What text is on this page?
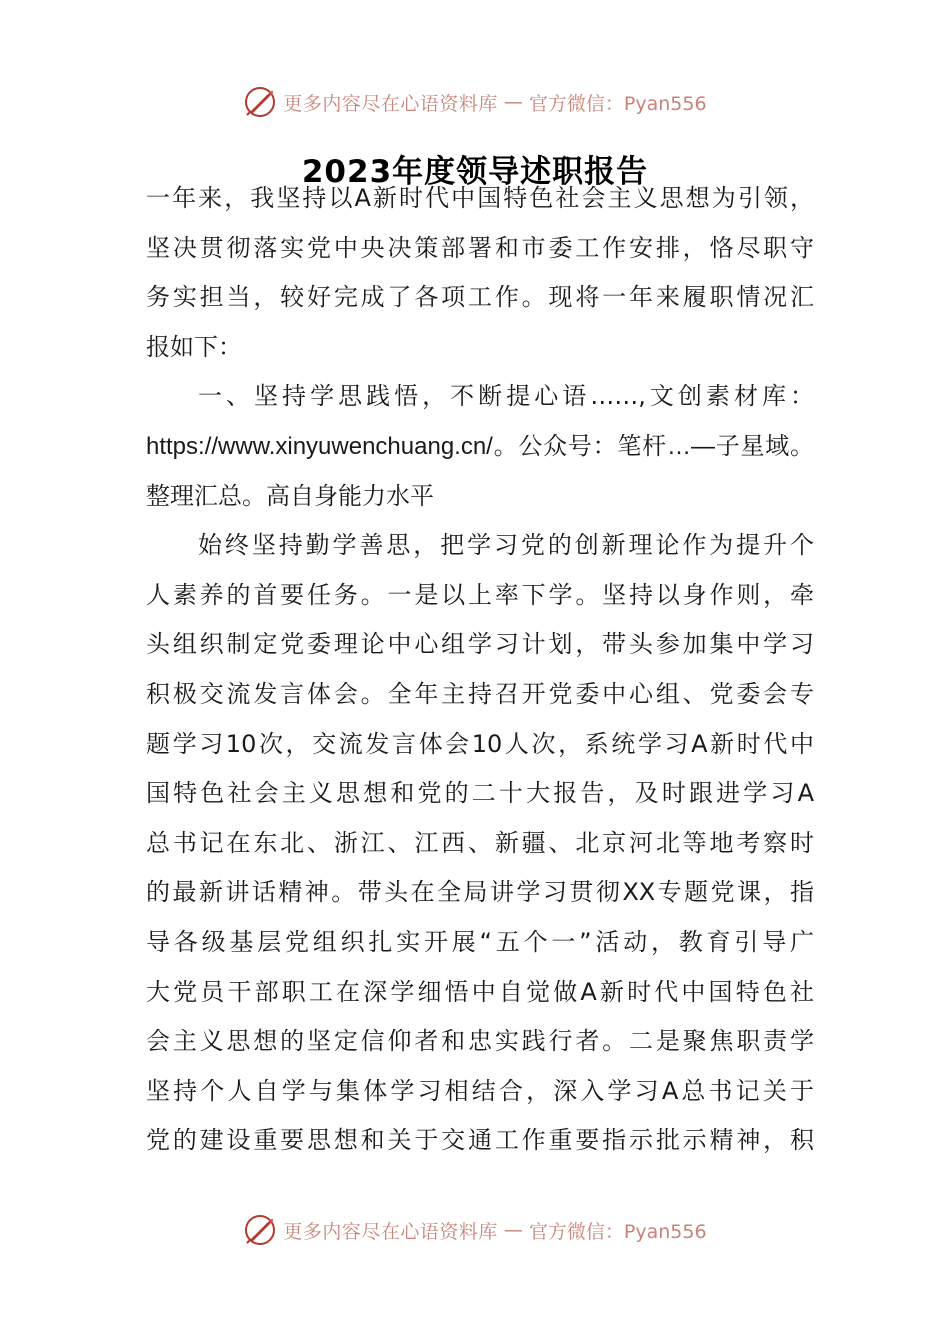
更多内容尽在心语资料库 — 官方微信：Pyan556
2023年度领导述职报告
一年来，我坚持以A新时代中国特色社会主义思想为引领，
坚决贯彻落实党中央决策部署和市委工作安排，恪尽职守
务实担当，较好完成了各项工作。现将一年来履职情况汇
报如下：
一、坚持学思践悟，不断提心语……,文创素材库：
https://www.xinyuwenchuang.cn/。公众号：笔杆…—子星域。
整理汇总。高自身能力水平
始终坚持勤学善思，把学习党的创新理论作为提升个
人素养的首要任务。一是以上率下学。坚持以身作则，牵
头组织制定党委理论中心组学习计划，带头参加集中学习
积极交流发言体会。全年主持召开党委中心组、党委会专
题学习10次，交流发言体会10人次，系统学习A新时代中
国特色社会主义思想和党的二十大报告，及时跟进学习A
总书记在东北、浙江、江西、新疆、北京河北等地考察时
的最新讲话精神。带头在全局讲学习贯彻XX专题党课，指
导各级基层党组织扎实开展“五个一”活动，教育引导广
大党员干部职工在深学细悟中自觉做A新时代中国特色社
会主义思想的坚定信仰者和忠实践行者。二是聚焦职责学
坚持个人自学与集体学习相结合，深入学习A总书记关于
党的建设重要思想和关于交通工作重要指示批示精神，积
更多内容尽在心语资料库 — 官方微信：Pyan556
